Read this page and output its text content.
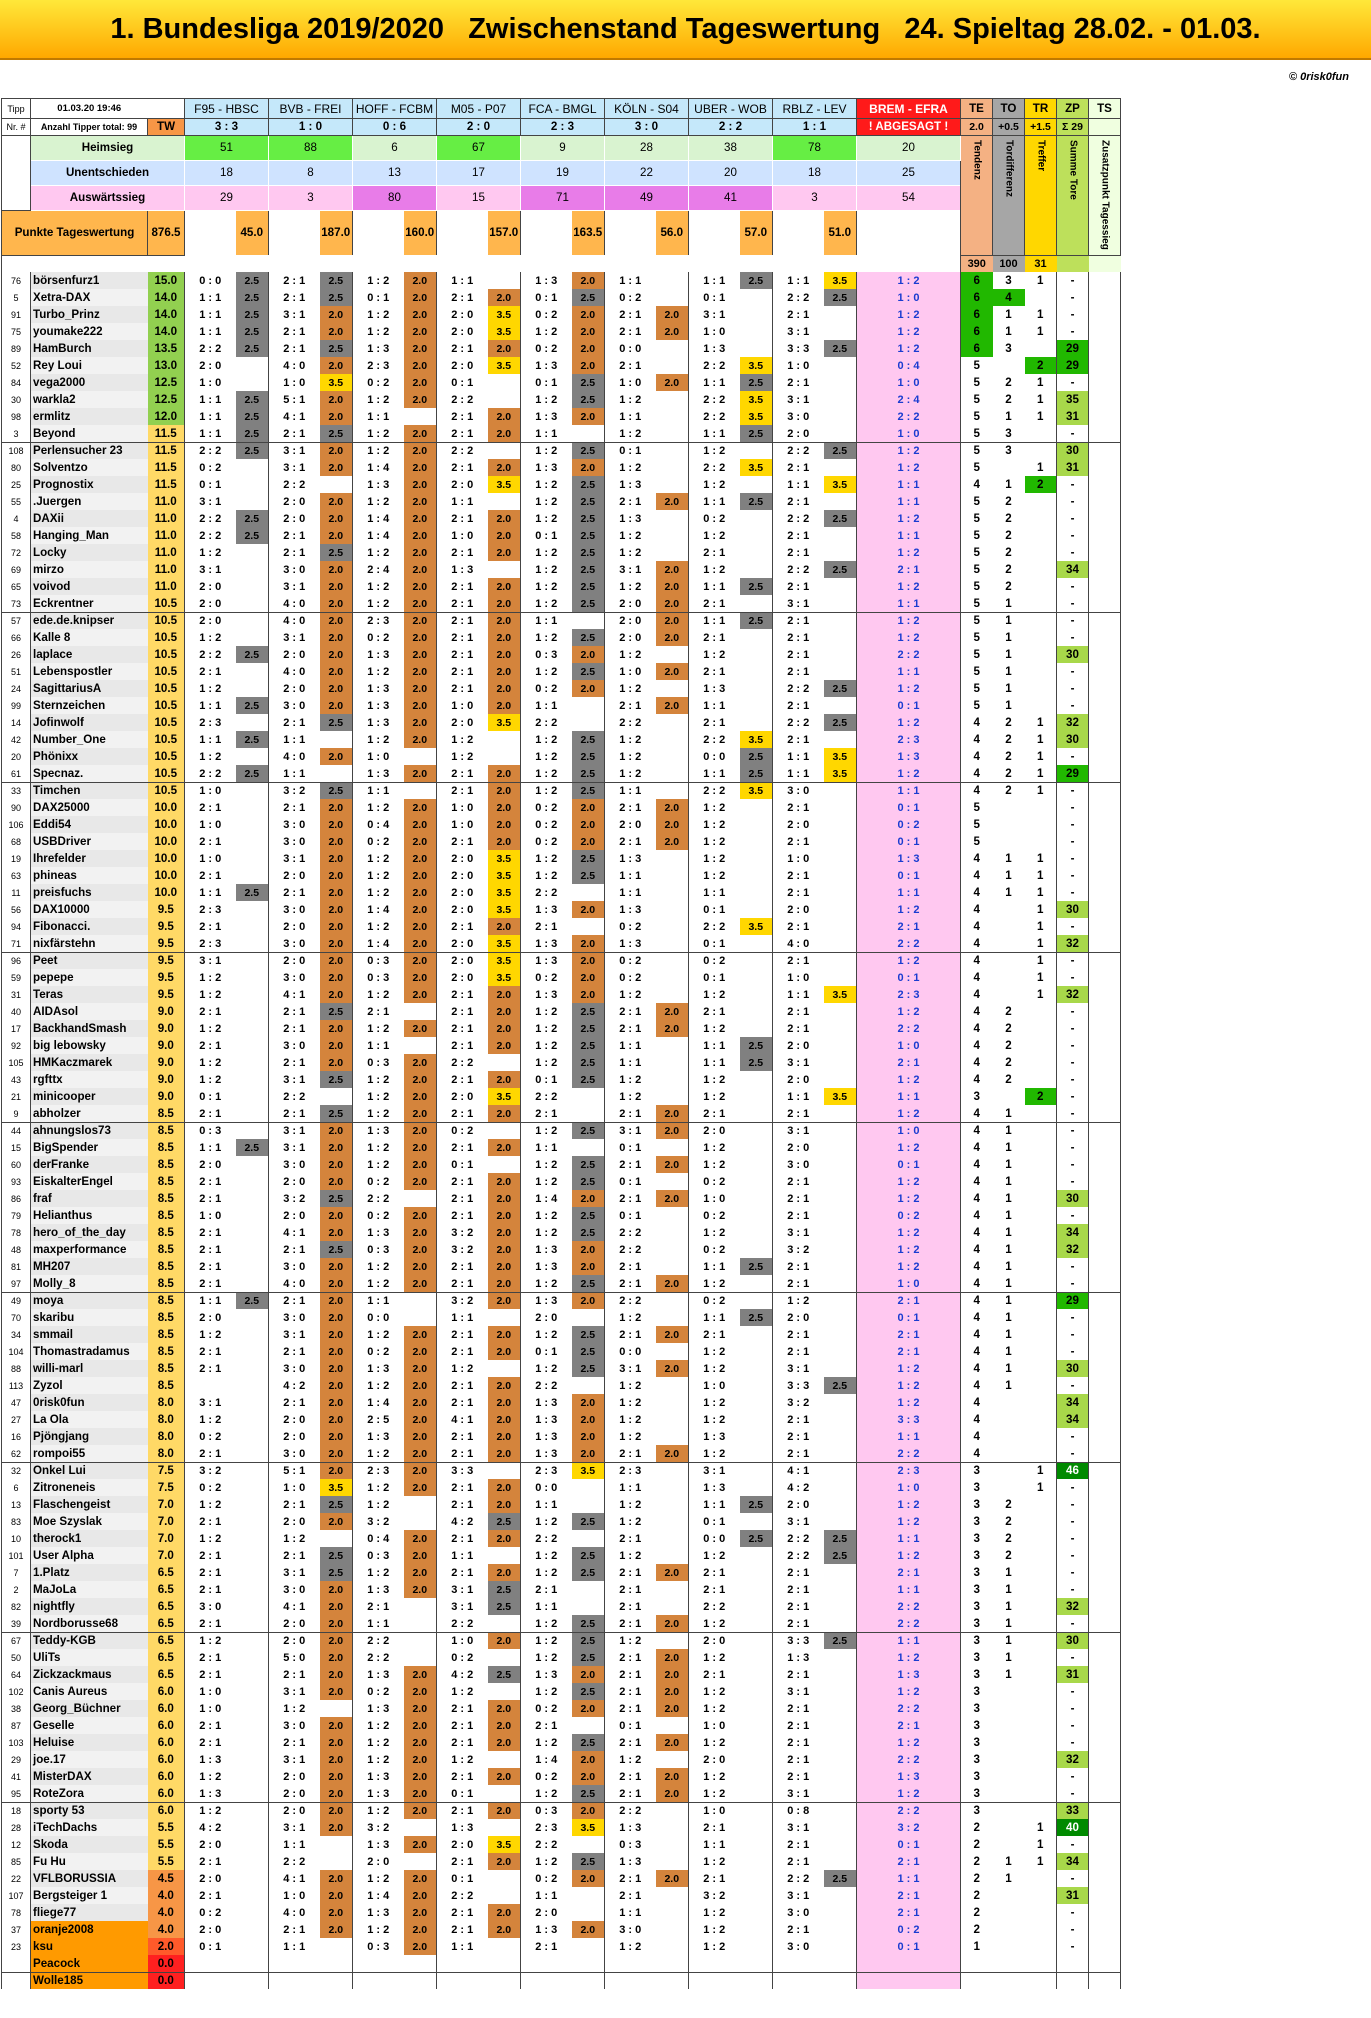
1. Bundesliga 2019/2020   Zwischenstand Tageswertung   24. Spieltag 28.02. - 01.03.
© 0risk0fun
Tipp	01.03.20 19:46		F95 - HBSC		BVB - FREI		HOFF - FCBM		M05 - P07		FCA - BMGL		KÖLN - S04		UBER - WOB		RBLZ - LEV		BREM - EFRA	TE	TO	TR	ZP	TS
Nr. #	Anzahl Tipper total: 99	TW	3 : 3		1 : 0		0 : 6		2 : 0		2 : 3		3 : 0		2 : 2		1 : 1		! ABGESAGT !	2.0	+0.5	+1.5	Σ 29	
	Heimsieg		51		88		6		67		9		28		38		78		20	Tendenz	Tordifferenz	Treffer	Summe Tore	Zusatzpunkt Tagessieg
	Unentschieden		18		8		13		17		19		22		20		18		25					
	Auswärtssieg		29		3		80		15		71		49		41		3		54					
Punkte Tageswertung		876.5		45.0		187.0		160.0		157.0		163.5		56.0		57.0		51.0						
																				390	100	31		
76	börsenfurz1	15.0	0 : 0	2.5	2 : 1	2.5	1 : 2	2.0	1 : 1		1 : 3	2.0	1 : 1		1 : 1	2.5	1 : 1	3.5	1 : 2	6	3	1	-	
5	Xetra-DAX	14.0	1 : 1	2.5	2 : 1	2.5	0 : 1	2.0	2 : 1	2.0	0 : 1	2.5	0 : 2		0 : 1		2 : 2	2.5	1 : 0	6	4		-	
91	Turbo_Prinz	14.0	1 : 1	2.5	3 : 1	2.0	1 : 2	2.0	2 : 0	3.5	0 : 2	2.0	2 : 1	2.0	3 : 1		2 : 1		1 : 2	6	1	1	-	
75	youmake222	14.0	1 : 1	2.5	2 : 1	2.0	1 : 2	2.0	2 : 0	3.5	1 : 2	2.0	2 : 1	2.0	1 : 0		3 : 1		1 : 2	6	1	1	-	
89	HamBurch	13.5	2 : 2	2.5	2 : 1	2.5	1 : 3	2.0	2 : 1	2.0	0 : 2	2.0	0 : 0		1 : 3		3 : 3	2.5	1 : 2	6	3		29	
52	Rey Loui	13.0	2 : 0		4 : 0	2.0	2 : 3	2.0	2 : 0	3.5	1 : 3	2.0	2 : 1		2 : 2	3.5	1 : 0		0 : 4	5		2	29	
84	vega2000	12.5	1 : 0		1 : 0	3.5	0 : 2	2.0	0 : 1		0 : 1	2.5	1 : 0	2.0	1 : 1	2.5	2 : 1		1 : 0	5	2	1	-	
30	warkla2	12.5	1 : 1	2.5	5 : 1	2.0	1 : 2	2.0	2 : 2		1 : 2	2.5	1 : 2		2 : 2	3.5	3 : 1		2 : 4	5	2	1	35	
98	ermlitz	12.0	1 : 1	2.5	4 : 1	2.0	1 : 1		2 : 1	2.0	1 : 3	2.0	1 : 1		2 : 2	3.5	3 : 0		2 : 2	5	1	1	31	
3	Beyond	11.5	1 : 1	2.5	2 : 1	2.5	1 : 2	2.0	2 : 1	2.0	1 : 1		1 : 2		1 : 1	2.5	2 : 0		1 : 0	5	3		-	
108	Perlensucher 23	11.5	2 : 2	2.5	3 : 1	2.0	1 : 2	2.0	2 : 2		1 : 2	2.5	0 : 1		1 : 2		2 : 2	2.5	1 : 2	5	3		30	
80	Solventzo	11.5	0 : 2		3 : 1	2.0	1 : 4	2.0	2 : 1	2.0	1 : 3	2.0	1 : 2		2 : 2	3.5	2 : 1		1 : 2	5		1	31	
25	Prognostix	11.5	0 : 1		2 : 2		1 : 3	2.0	2 : 0	3.5	1 : 2	2.5	1 : 3		1 : 2		1 : 1	3.5	1 : 1	4	1	2	-	
55	.Juergen	11.0	3 : 1		2 : 0	2.0	1 : 2	2.0	1 : 1		1 : 2	2.5	2 : 1	2.0	1 : 1	2.5	2 : 1		1 : 1	5	2		-	
4	DAXii	11.0	2 : 2	2.5	2 : 0	2.0	1 : 4	2.0	2 : 1	2.0	1 : 2	2.5	1 : 3		0 : 2		2 : 2	2.5	1 : 2	5	2		-	
58	Hanging_Man	11.0	2 : 2	2.5	2 : 1	2.0	1 : 4	2.0	1 : 0	2.0	0 : 1	2.5	1 : 2		1 : 2		2 : 1		1 : 1	5	2		-	
72	Locky	11.0	1 : 2		2 : 1	2.5	1 : 2	2.0	2 : 1	2.0	1 : 2	2.5	1 : 2		2 : 1		2 : 1		1 : 2	5	2		-	
69	mirzo	11.0	3 : 1		3 : 0	2.0	2 : 4	2.0	1 : 3		1 : 2	2.5	3 : 1	2.0	1 : 2		2 : 2	2.5	2 : 1	5	2		34	
65	voivod	11.0	2 : 0		3 : 1	2.0	1 : 2	2.0	2 : 1	2.0	1 : 2	2.5	1 : 2	2.0	1 : 1	2.5	2 : 1		1 : 2	5	2		-	
73	Eckrentner	10.5	2 : 0		4 : 0	2.0	1 : 2	2.0	2 : 1	2.0	1 : 2	2.5	2 : 0	2.0	2 : 1		3 : 1		1 : 1	5	1		-	
57	ede.de.knipser	10.5	2 : 0		4 : 0	2.0	2 : 3	2.0	2 : 1	2.0	1 : 1		2 : 0	2.0	1 : 1	2.5	2 : 1		1 : 2	5	1		-	
66	Kalle 8	10.5	1 : 2		3 : 1	2.0	0 : 2	2.0	2 : 1	2.0	1 : 2	2.5	2 : 0	2.0	2 : 1		2 : 1		1 : 2	5	1		-	
26	laplace	10.5	2 : 2	2.5	2 : 0	2.0	1 : 3	2.0	2 : 1	2.0	0 : 3	2.0	1 : 2		1 : 2		2 : 1		2 : 2	5	1		30	
51	Lebenspostler	10.5	2 : 1		4 : 0	2.0	1 : 2	2.0	2 : 1	2.0	1 : 2	2.5	1 : 0	2.0	2 : 1		2 : 1		1 : 1	5	1		-	
24	SagittariusA	10.5	1 : 2		2 : 0	2.0	1 : 3	2.0	2 : 1	2.0	0 : 2	2.0	1 : 2		1 : 3		2 : 2	2.5	1 : 2	5	1		-	
99	Sternzeichen	10.5	1 : 1	2.5	3 : 0	2.0	1 : 3	2.0	1 : 0	2.0	1 : 1		2 : 1	2.0	1 : 1		2 : 1		0 : 1	5	1		-	
14	Jofinwolf	10.5	2 : 3		2 : 1	2.5	1 : 3	2.0	2 : 0	3.5	2 : 2		2 : 2		2 : 1		2 : 2	2.5	1 : 2	4	2	1	32	
42	Number_One	10.5	1 : 1	2.5	1 : 1		1 : 2	2.0	1 : 2		1 : 2	2.5	1 : 2		2 : 2	3.5	2 : 1		2 : 3	4	2	1	30	
20	Phönixx	10.5	1 : 2		4 : 0	2.0	1 : 0		1 : 2		1 : 2	2.5	1 : 2		0 : 0	2.5	1 : 1	3.5	1 : 3	4	2	1	-	
61	Specnaz.	10.5	2 : 2	2.5	1 : 1		1 : 3	2.0	2 : 1	2.0	1 : 2	2.5	1 : 2		1 : 1	2.5	1 : 1	3.5	1 : 2	4	2	1	29	
33	Timchen	10.5	1 : 0		3 : 2	2.5	1 : 1		2 : 1	2.0	1 : 2	2.5	1 : 1		2 : 2	3.5	3 : 0		1 : 1	4	2	1	-	
90	DAX25000	10.0	2 : 1		2 : 1	2.0	1 : 2	2.0	1 : 0	2.0	0 : 2	2.0	2 : 1	2.0	1 : 2		2 : 1		0 : 1	5			-	
106	Eddi54	10.0	1 : 0		3 : 0	2.0	0 : 4	2.0	1 : 0	2.0	0 : 2	2.0	2 : 0	2.0	1 : 2		2 : 0		0 : 2	5			-	
68	USBDriver	10.0	2 : 1		3 : 0	2.0	0 : 2	2.0	2 : 1	2.0	0 : 2	2.0	2 : 1	2.0	1 : 2		2 : 1		0 : 1	5			-	
19	Ihrefelder	10.0	1 : 0		3 : 1	2.0	1 : 2	2.0	2 : 0	3.5	1 : 2	2.5	1 : 3		1 : 2		1 : 0		1 : 3	4	1	1	-	
63	phineas	10.0	2 : 1		2 : 0	2.0	1 : 2	2.0	2 : 0	3.5	1 : 2	2.5	1 : 1		1 : 2		2 : 1		0 : 1	4	1	1	-	
11	preisfuchs	10.0	1 : 1	2.5	2 : 1	2.0	1 : 2	2.0	2 : 0	3.5	2 : 2		1 : 1		1 : 1		2 : 1		1 : 1	4	1	1	-	
56	DAX10000	9.5	2 : 3		3 : 0	2.0	1 : 4	2.0	2 : 0	3.5	1 : 3	2.0	1 : 3		0 : 1		2 : 0		1 : 2	4		1	30	
94	Fibonacci.	9.5	2 : 1		2 : 0	2.0	1 : 2	2.0	2 : 1	2.0	2 : 1		0 : 2		2 : 2	3.5	2 : 1		2 : 1	4		1	-	
71	nixfärstehn	9.5	2 : 3		3 : 0	2.0	1 : 4	2.0	2 : 0	3.5	1 : 3	2.0	1 : 3		0 : 1		4 : 0		2 : 2	4		1	32	
96	Peet	9.5	3 : 1		2 : 0	2.0	0 : 3	2.0	2 : 0	3.5	1 : 3	2.0	0 : 2		0 : 2		2 : 1		1 : 2	4		1	-	
59	pepepe	9.5	1 : 2		3 : 0	2.0	0 : 3	2.0	2 : 0	3.5	0 : 2	2.0	0 : 2		0 : 1		1 : 0		0 : 1	4		1	-	
31	Teras	9.5	1 : 2		4 : 1	2.0	1 : 2	2.0	2 : 1	2.0	1 : 3	2.0	1 : 2		1 : 2		1 : 1	3.5	2 : 3	4		1	32	
40	AIDAsol	9.0	2 : 1		2 : 1	2.5	2 : 1		2 : 1	2.0	1 : 2	2.5	2 : 1	2.0	2 : 1		2 : 1		1 : 2	4	2		-	
17	BackhandSmash	9.0	1 : 2		2 : 1	2.0	1 : 2	2.0	2 : 1	2.0	1 : 2	2.5	2 : 1	2.0	1 : 2		2 : 1		2 : 2	4	2		-	
92	big lebowsky	9.0	2 : 1		3 : 0	2.0	1 : 1		2 : 1	2.0	1 : 2	2.5	1 : 1		1 : 1	2.5	2 : 0		1 : 0	4	2		-	
105	HMKaczmarek	9.0	1 : 2		2 : 1	2.0	0 : 3	2.0	2 : 2		1 : 2	2.5	1 : 1		1 : 1	2.5	3 : 1		2 : 1	4	2		-	
43	rgfttx	9.0	1 : 2		3 : 1	2.5	1 : 2	2.0	2 : 1	2.0	0 : 1	2.5	1 : 2		1 : 2		2 : 0		1 : 2	4	2		-	
21	minicooper	9.0	0 : 1		2 : 2		1 : 2	2.0	2 : 0	3.5	2 : 2		1 : 2		1 : 2		1 : 1	3.5	1 : 1	3		2	-	
9	abholzer	8.5	2 : 1		2 : 1	2.5	1 : 2	2.0	2 : 1	2.0	2 : 1		2 : 1	2.0	2 : 1		2 : 1		1 : 2	4	1		-	
44	ahnungslos73	8.5	0 : 3		3 : 1	2.0	1 : 3	2.0	0 : 2		1 : 2	2.5	3 : 1	2.0	2 : 0		3 : 1		1 : 0	4	1		-	
15	BigSpender	8.5	1 : 1	2.5	3 : 1	2.0	1 : 2	2.0	2 : 1	2.0	1 : 1		0 : 1		1 : 2		2 : 0		1 : 2	4	1		-	
60	derFranke	8.5	2 : 0		3 : 0	2.0	1 : 2	2.0	0 : 1		1 : 2	2.5	2 : 1	2.0	1 : 2		3 : 0		0 : 1	4	1		-	
93	EiskalterEngel	8.5	2 : 1		2 : 0	2.0	0 : 2	2.0	2 : 1	2.0	1 : 2	2.5	0 : 1		0 : 2		2 : 1		1 : 2	4	1		-	
86	fraf	8.5	2 : 1		3 : 2	2.5	2 : 2		2 : 1	2.0	1 : 4	2.0	2 : 1	2.0	1 : 0		2 : 1		1 : 2	4	1		30	
79	Helianthus	8.5	1 : 0		2 : 0	2.0	0 : 2	2.0	2 : 1	2.0	1 : 2	2.5	0 : 1		0 : 2		2 : 1		0 : 2	4	1		-	
78	hero_of_the_day	8.5	2 : 1		4 : 1	2.0	1 : 3	2.0	3 : 2	2.0	1 : 2	2.5	2 : 2		1 : 2		3 : 1		1 : 2	4	1		34	
48	maxperformance	8.5	2 : 1		2 : 1	2.5	0 : 3	2.0	3 : 2	2.0	1 : 3	2.0	2 : 2		0 : 2		3 : 2		1 : 2	4	1		32	
81	MH207	8.5	2 : 1		3 : 0	2.0	1 : 2	2.0	2 : 1	2.0	1 : 3	2.0	2 : 1		1 : 1	2.5	2 : 1		1 : 2	4	1		-	
97	Molly_8	8.5	2 : 1		4 : 0	2.0	1 : 2	2.0	2 : 1	2.0	1 : 2	2.5	2 : 1	2.0	1 : 2		2 : 1		1 : 0	4	1		-	
49	moya	8.5	1 : 1	2.5	2 : 1	2.0	1 : 1		3 : 2	2.0	1 : 3	2.0	2 : 2		0 : 2		1 : 2		2 : 1	4	1		29	
70	skaribu	8.5	2 : 0		3 : 0	2.0	0 : 0		1 : 1		2 : 0		1 : 2		1 : 1	2.5	2 : 0		0 : 1	4	1		-	
34	smmail	8.5	1 : 2		3 : 1	2.0	1 : 2	2.0	2 : 1	2.0	1 : 2	2.5	2 : 1	2.0	2 : 1		2 : 1		2 : 1	4	1		-	
104	Thomastradamus	8.5	2 : 1		2 : 1	2.0	0 : 2	2.0	2 : 1	2.0	0 : 1	2.5	0 : 0		1 : 2		2 : 1		2 : 1	4	1		-	
88	willi-marl	8.5	2 : 1		3 : 0	2.0	1 : 3	2.0	1 : 2		1 : 2	2.5	3 : 1	2.0	1 : 2		3 : 1		1 : 2	4	1		30	
113	Zyzol	8.5			4 : 2	2.0	1 : 2	2.0	2 : 1	2.0	2 : 2		1 : 2		1 : 0		3 : 3	2.5	1 : 2	4	1		-	
47	0risk0fun	8.0	3 : 1		2 : 1	2.0	1 : 4	2.0	2 : 1	2.0	1 : 3	2.0	1 : 2		1 : 2		3 : 2		1 : 2	4			34	
27	La Ola	8.0	1 : 2		2 : 0	2.0	2 : 5	2.0	4 : 1	2.0	1 : 3	2.0	1 : 2		1 : 2		2 : 1		3 : 3	4			34	
16	Pjöngjang	8.0	0 : 2		2 : 0	2.0	1 : 3	2.0	2 : 1	2.0	1 : 3	2.0	1 : 2		1 : 3		2 : 1		1 : 1	4			-	
62	rompoi55	8.0	2 : 1		3 : 0	2.0	1 : 2	2.0	2 : 1	2.0	1 : 3	2.0	2 : 1	2.0	1 : 2		2 : 1		2 : 2	4			-	
32	Onkel Lui	7.5	3 : 2		5 : 1	2.0	2 : 3	2.0	3 : 3		2 : 3	3.5	2 : 3		3 : 1		4 : 1		2 : 3	3		1	46	
6	Zitroneneis	7.5	0 : 2		1 : 0	3.5	1 : 2	2.0	2 : 1	2.0	0 : 0		1 : 1		1 : 3		4 : 2		1 : 0	3		1	-	
13	Flaschengeist	7.0	1 : 2		2 : 1	2.5	1 : 2		2 : 1	2.0	1 : 1		1 : 2		1 : 1	2.5	2 : 0		1 : 2	3	2		-	
83	Moe Szyslak	7.0	2 : 1		2 : 0	2.0	3 : 2		4 : 2	2.5	1 : 2	2.5	1 : 2		0 : 1		3 : 1		1 : 2	3	2		-	
10	therock1	7.0	1 : 2		1 : 2		0 : 4	2.0	2 : 1	2.0	2 : 2		2 : 1		0 : 0	2.5	2 : 2	2.5	1 : 1	3	2		-	
101	User Alpha	7.0	2 : 1		2 : 1	2.5	0 : 3	2.0	1 : 1		1 : 2	2.5	1 : 2		1 : 2		2 : 2	2.5	1 : 2	3	2		-	
7	1.Platz	6.5	2 : 1		3 : 1	2.5	1 : 2	2.0	2 : 1	2.0	1 : 2	2.5	2 : 1	2.0	2 : 1		2 : 1		2 : 1	3	1		-	
2	MaJoLa	6.5	2 : 1		3 : 0	2.0	1 : 3	2.0	3 : 1	2.5	2 : 1		2 : 1		2 : 1		2 : 1		1 : 1	3	1		-	
82	nightfly	6.5	3 : 0		4 : 1	2.0	2 : 1		3 : 1	2.5	1 : 1		2 : 1		2 : 2		2 : 1		2 : 2	3	1		32	
39	Nordborusse68	6.5	2 : 1		2 : 0	2.0	1 : 1		2 : 2		1 : 2	2.5	2 : 1	2.0	1 : 2		2 : 1		2 : 2	3	1		-	
67	Teddy-KGB	6.5	1 : 2		2 : 0	2.0	2 : 2		1 : 0	2.0	1 : 2	2.5	1 : 2		2 : 0		3 : 3	2.5	1 : 1	3	1		30	
50	UliTs	6.5	2 : 1		5 : 0	2.0	2 : 2		0 : 2		1 : 2	2.5	2 : 1	2.0	1 : 2		1 : 3		1 : 2	3	1		-	
64	Zickzackmaus	6.5	2 : 1		2 : 1	2.0	1 : 3	2.0	4 : 2	2.5	1 : 3	2.0	2 : 1	2.0	2 : 1		2 : 1		1 : 3	3	1		31	
102	Canis Aureus	6.0	1 : 0		3 : 1	2.0	0 : 2	2.0	1 : 2		1 : 2	2.5	2 : 1	2.0	1 : 2		3 : 1		1 : 2	3			-	
38	Georg_Büchner	6.0	1 : 0		1 : 2		1 : 3	2.0	2 : 1	2.0	0 : 2	2.0	2 : 1	2.0	1 : 2		2 : 1		2 : 2	3			-	
87	Geselle	6.0	2 : 1		3 : 0	2.0	1 : 2	2.0	2 : 1	2.0	2 : 1		0 : 1		1 : 0		2 : 1		2 : 1	3			-	
103	Heluise	6.0	2 : 1		2 : 1	2.0	1 : 2	2.0	2 : 1	2.0	1 : 2	2.5	2 : 1	2.0	1 : 2		2 : 1		1 : 2	3			-	
29	joe.17	6.0	1 : 3		3 : 1	2.0	1 : 2	2.0	1 : 2		1 : 4	2.0	1 : 2		2 : 0		2 : 1		2 : 2	3			32	
41	MisterDAX	6.0	1 : 2		2 : 0	2.0	1 : 3	2.0	2 : 1	2.0	0 : 2	2.0	2 : 1	2.0	1 : 2		2 : 1		1 : 3	3			-	
95	RoteZora	6.0	1 : 3		2 : 0	2.0	1 : 3	2.0	0 : 1		1 : 2	2.5	2 : 1	2.0	1 : 2		3 : 1		1 : 2	3			-	
18	sporty 53	6.0	1 : 2		2 : 0	2.0	1 : 2	2.0	2 : 1	2.0	0 : 3	2.0	2 : 2		1 : 0		0 : 8		2 : 2	3			33	
28	iTechDachs	5.5	4 : 2		3 : 1	2.0	3 : 2		1 : 3		2 : 3	3.5	1 : 3		2 : 1		3 : 1		3 : 2	2		1	40	
12	Skoda	5.5	2 : 0		1 : 1		1 : 3	2.0	2 : 0	3.5	2 : 2		0 : 3		1 : 1		2 : 1		0 : 1	2		1	-	
85	Fu Hu	5.5	2 : 1		2 : 2		2 : 0		2 : 1	2.0	1 : 2	2.5	1 : 3		1 : 2		2 : 1		2 : 1	2	1	1	34	
22	VFLBORUSSIA	4.5	2 : 0		4 : 1	2.0	1 : 2	2.0	0 : 1		0 : 2	2.0	2 : 1	2.0	2 : 1		2 : 2	2.5	1 : 1	2	1		-	
107	Bergsteiger 1	4.0	2 : 1		1 : 0	2.0	1 : 4	2.0	2 : 2		1 : 1		2 : 1		3 : 2		3 : 1		2 : 1	2			31	
78	fliege77	4.0	0 : 2		4 : 0	2.0	1 : 3	2.0	2 : 1	2.0	2 : 0		1 : 1		1 : 2		3 : 0		2 : 1	2			-	
37	oranje2008	4.0	2 : 0		2 : 1	2.0	1 : 2	2.0	2 : 1	2.0	1 : 3	2.0	3 : 0		1 : 2		2 : 1		0 : 2	2			-	
23	ksu	2.0	0 : 1		1 : 1		0 : 3	2.0	1 : 1		2 : 1		1 : 2		1 : 2		3 : 0		0 : 1	1			-	
	Peacock	0.0																						
	Wolle185	0.0																						
